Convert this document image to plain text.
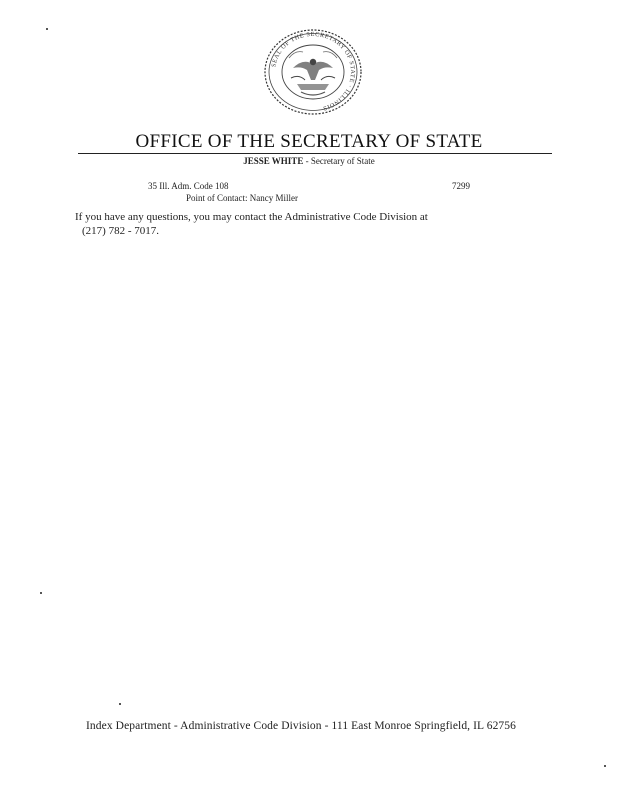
SEAL OF THE SECRETARY OF STATE · ILLINOIS
OFFICE OF THE SECRETARY OF STATE
JESSE WHITE - Secretary of State
35 Ill. Adm. Code 108	7299
Point of Contact: Nancy Miller
If you have any questions, you may contact the Administrative Code Division at
(217) 782 - 7017.
Index Department - Administrative Code Division - 111 East Monroe Springfield, IL 62756
